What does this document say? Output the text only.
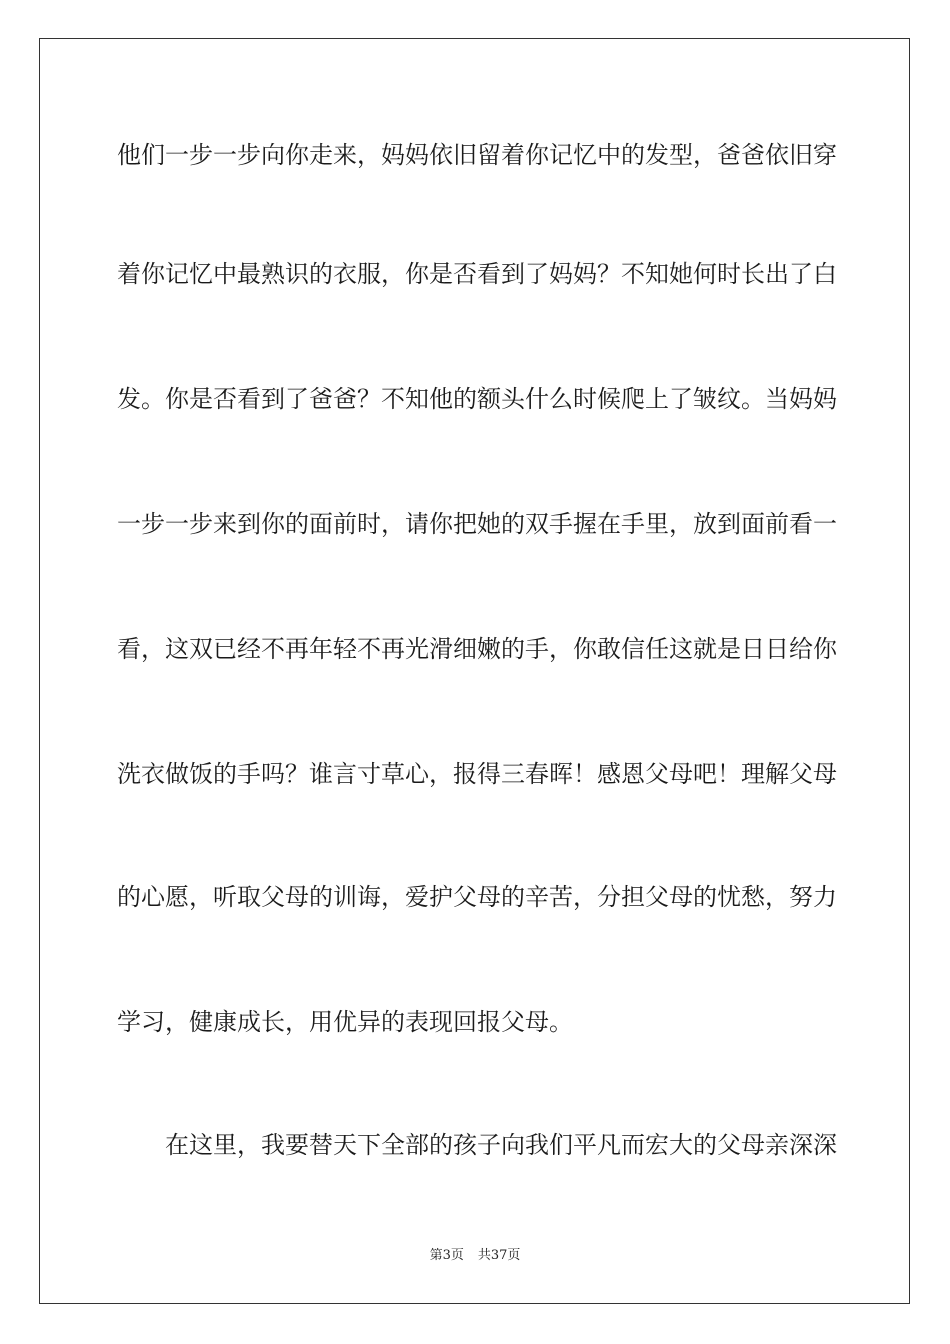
他们一步一步向你走来，妈妈依旧留着你记忆中的发型，爸爸依旧穿
着你记忆中最熟识的衣服，你是否看到了妈妈？不知她何时长出了白
发。你是否看到了爸爸？不知他的额头什么时候爬上了皱纹。当妈妈
一步一步来到你的面前时，请你把她的双手握在手里，放到面前看一
看，这双已经不再年轻不再光滑细嫩的手，你敢信任这就是日日给你
洗衣做饭的手吗？谁言寸草心，报得三春晖！感恩父母吧！理解父母
的心愿，听取父母的训诲，爱护父母的辛苦，分担父母的忧愁，努力
学习，健康成长，用优异的表现回报父母。
在这里，我要替天下全部的孩子向我们平凡而宏大的父母亲深深
第3页 共37页
